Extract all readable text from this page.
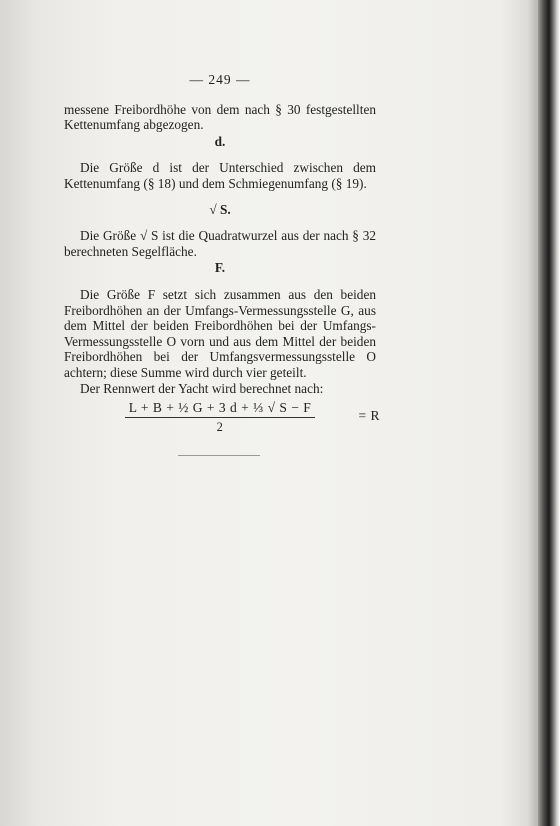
— 249 —

messene Freibordhöhe von dem nach § 30 festgestellten Kettenumfang abgezogen.

d.

Die Größe d ist der Unterschied zwischen dem Kettenumfang (§ 18) und dem Schmiegenumfang (§ 19).

√ S.

Die Größe √ S ist die Quadratwurzel aus der nach § 32 berechneten Segelfläche.

F.

Die Größe F setzt sich zusammen aus den beiden Freibordhöhen an der Umfangs-Vermessungsstelle G, aus dem Mittel der beiden Freibordhöhen bei der Umfangs-Vermessungsstelle O vorn und aus dem Mittel der beiden Freibordhöhen bei der Umfangsvermessungsstelle O achtern; diese Summe wird durch vier geteilt.

Der Rennwert der Yacht wird berechnet nach:

L + B + ½ G + 3 d + ⅓ √ S − F
2
= R
